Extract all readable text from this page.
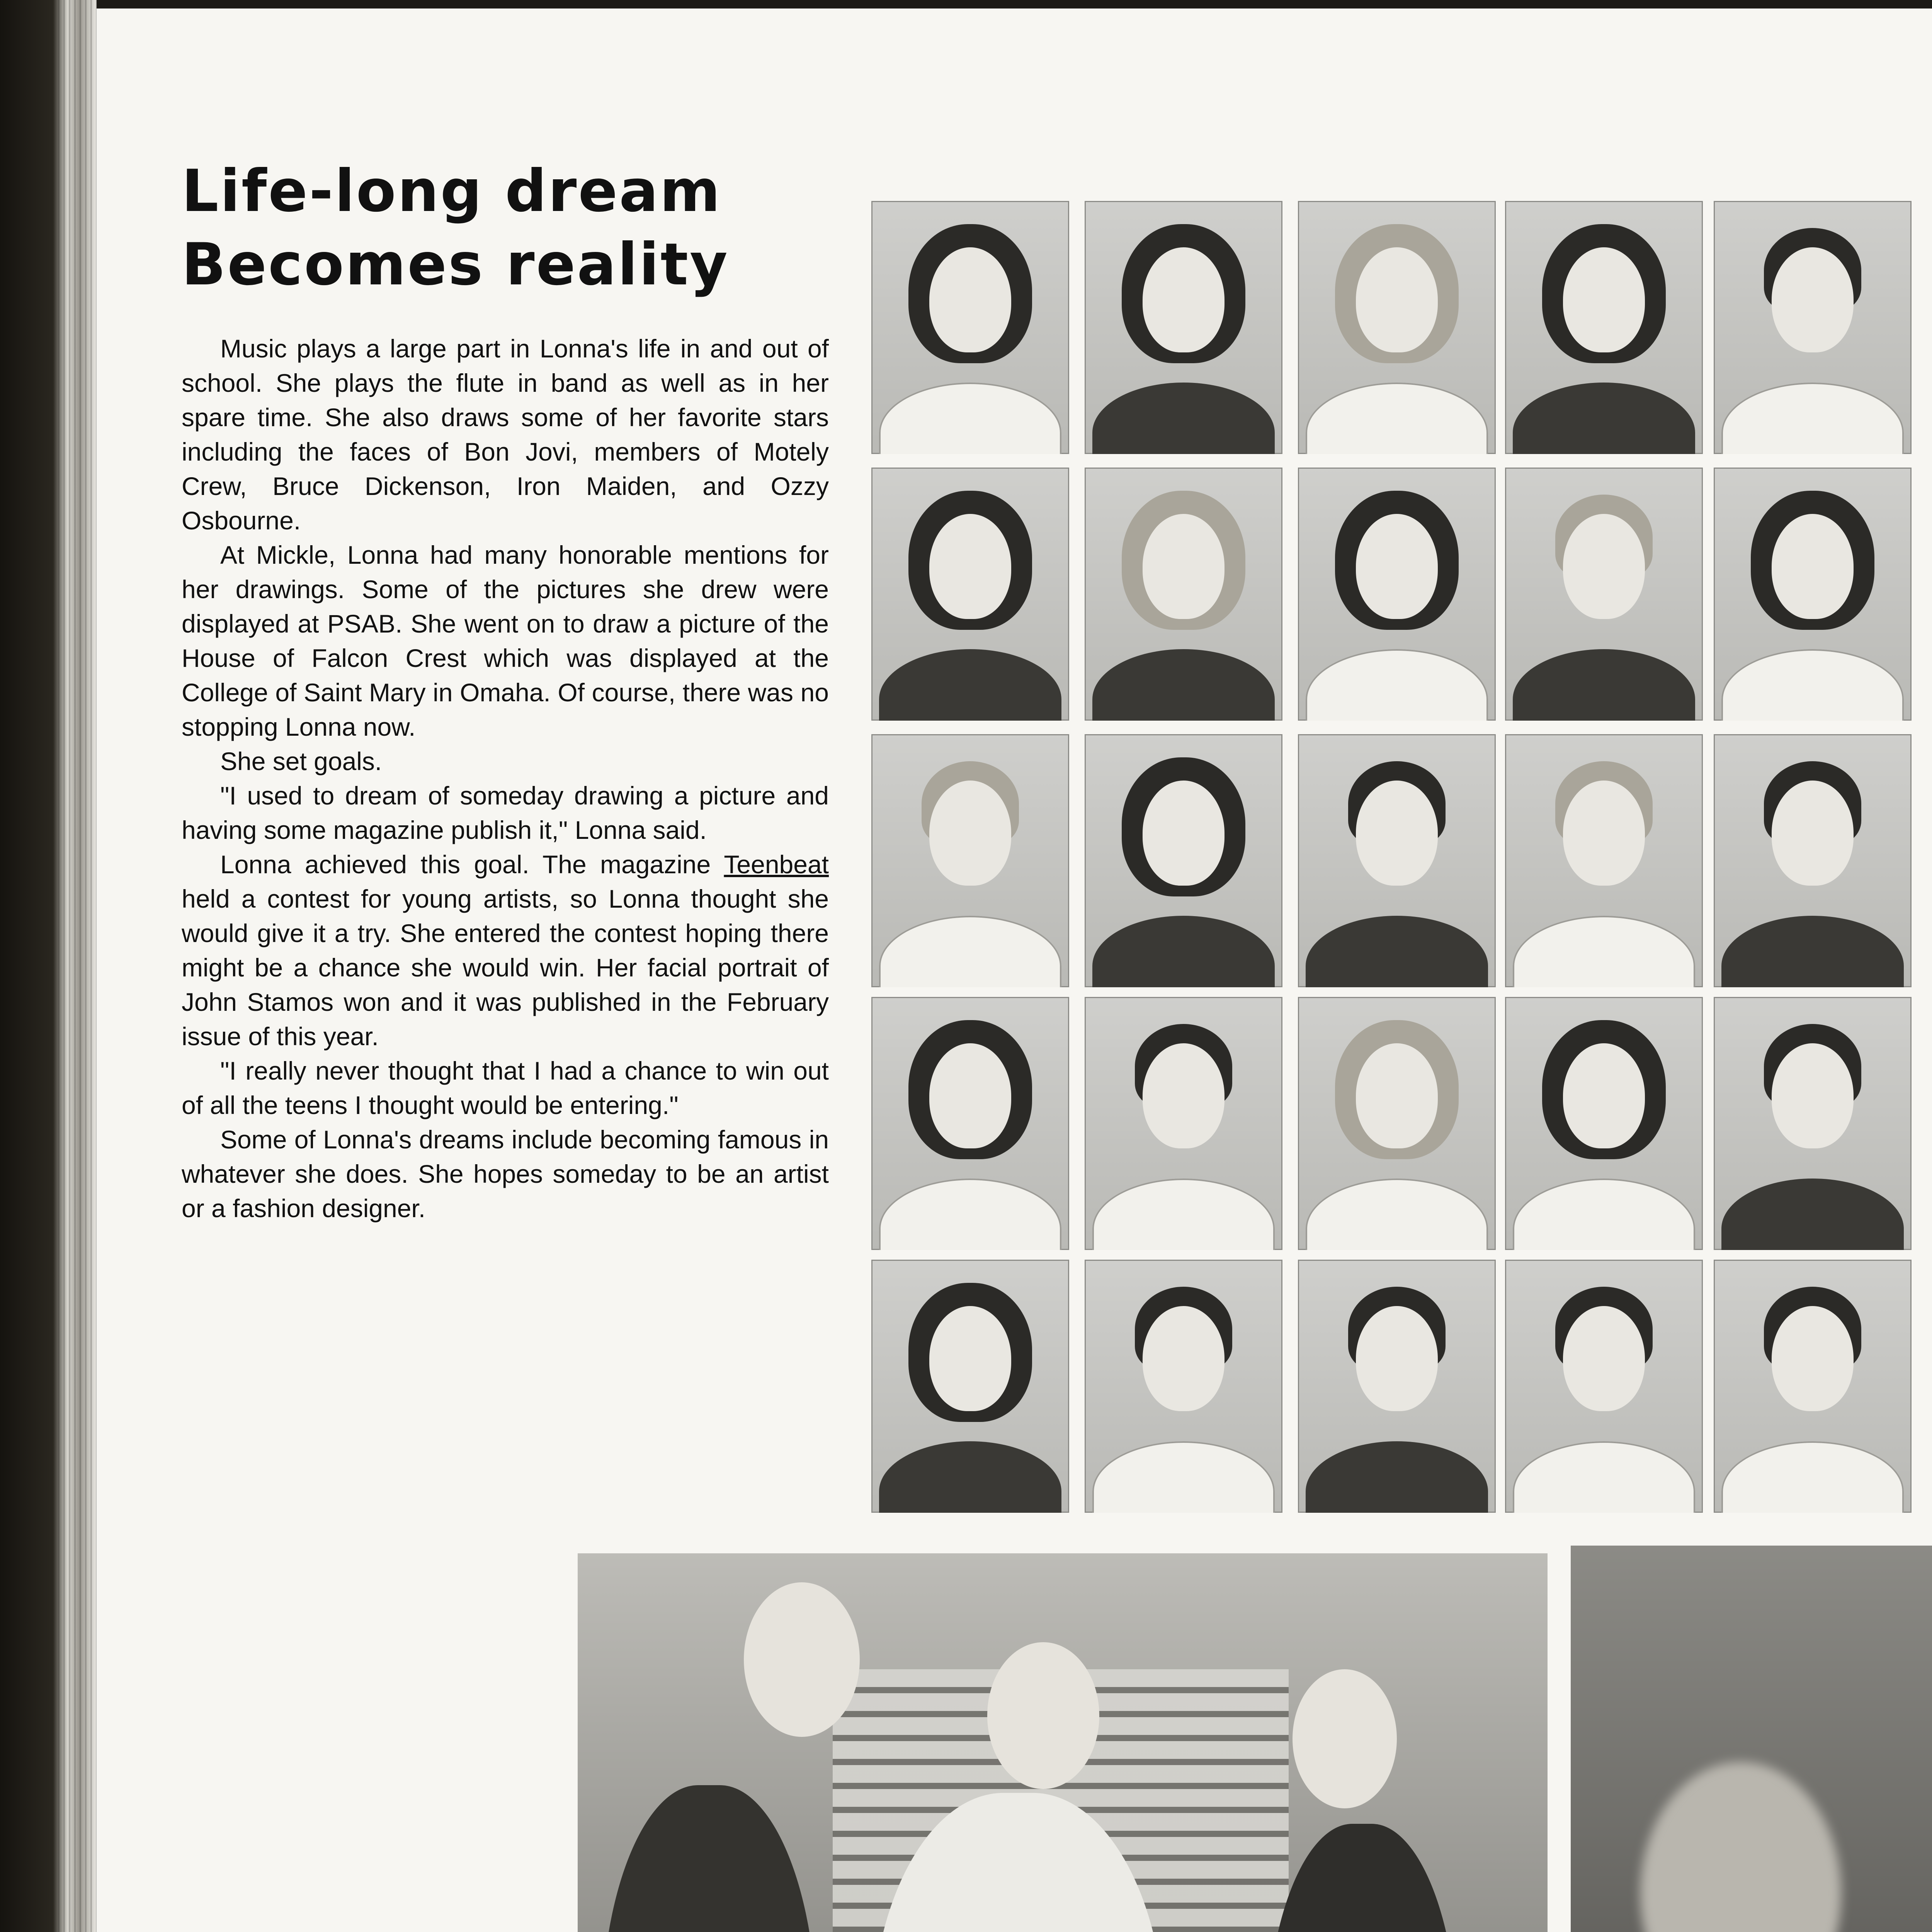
Life-long dream
Becomes reality

Music plays a large part in Lonna's life in and out of school. She plays the flute in band as well as in her spare time. She also draws some of her favorite stars including the faces of Bon Jovi, members of Motely Crew, Bruce Dickenson, Iron Maiden, and Ozzy Osbourne.

At Mickle, Lonna had many honorable mentions for her drawings. Some of the pictures she drew were displayed at PSAB. She went on to draw a picture of the House of Falcon Crest which was displayed at the College of Saint Mary in Omaha. Of course, there was no stopping Lonna now.

She set goals.

"I used to dream of someday drawing a picture and having some magazine publish it," Lonna said.

Lonna achieved this goal. The magazine Teenbeat held a contest for young artists, so Lonna thought she would give it a try. She entered the contest hoping there might be a chance she would win. Her facial portrait of John Stamos won and it was published in the February issue of this year.

"I really never thought that I had a chance to win out of all the teens I thought would be entering."

Some of Lonna's dreams include becoming famous in whatever she does. She hopes someday to be an artist or a fashion designer.
